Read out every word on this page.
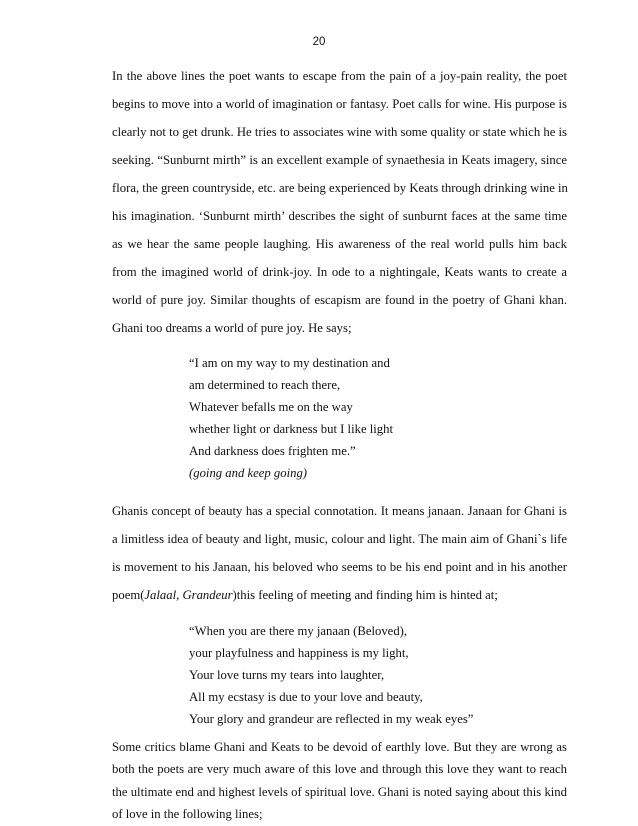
20
In the above lines the poet wants to escape from the pain of a joy-pain reality, the poet
begins to move into a world of imagination or fantasy. Poet calls for wine. His purpose is
clearly not to get drunk. He tries to associates wine with some quality or state which he is
seeking. “Sunburnt mirth” is an excellent example of synaethesia in Keats imagery, since
flora, the green countryside, etc. are being experienced by Keats through drinking wine in
his imagination. ‘Sunburnt mirth’ describes the sight of sunburnt faces at the same time
as we hear the same people laughing. His awareness of the real world pulls him back
from the imagined world of drink-joy. In ode to a nightingale, Keats wants to create a
world of pure joy. Similar thoughts of escapism are found in the poetry of Ghani khan.
Ghani too dreams a world of pure joy. He says;
“I am on my way to my destination and
am determined to reach there,
Whatever befalls me on the way
whether light or darkness but I like light
And darkness does frighten me.”
(going and keep going)
Ghanis concept of beauty has a special connotation. It means janaan. Janaan for Ghani is
a limitless idea of beauty and light, music, colour and light. The main aim of Ghani`s life
is movement to his Janaan, his beloved who seems to be his end point and in his another
poem(Jalaal, Grandeur)this feeling of meeting and finding him is hinted at;
“When you are there my janaan (Beloved),
your playfulness and happiness is my light,
Your love turns my tears into laughter,
All my ecstasy is due to your love and beauty,
Your glory and grandeur are reflected in my weak eyes”
Some critics blame Ghani and Keats to be devoid of earthly love. But they are wrong as
both the poets are very much aware of this love and through this love they want to reach
the ultimate end and highest levels of spiritual love. Ghani is noted saying about this kind
of love in the following lines;
